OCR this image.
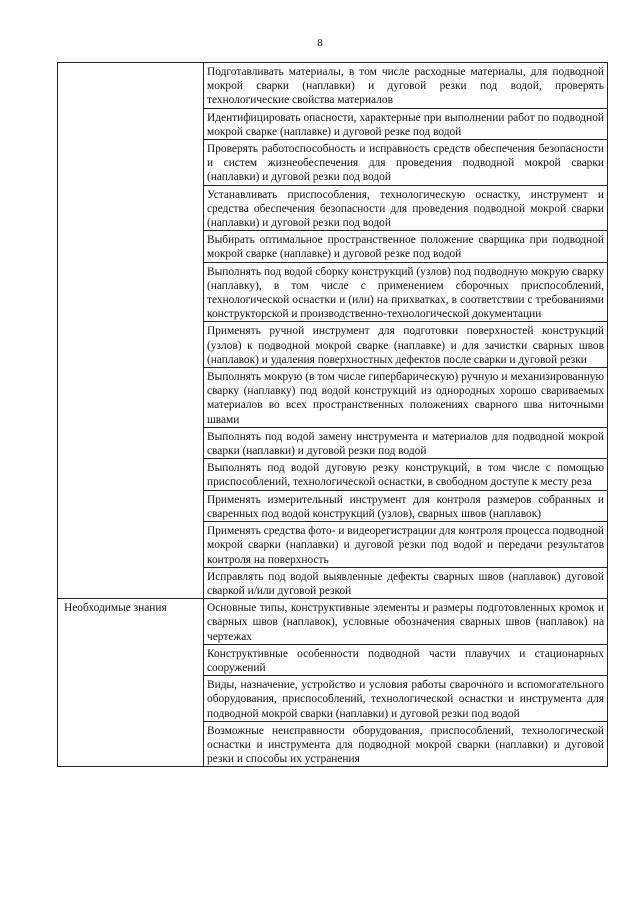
8
	Подготавливать материалы, в том числе расходные материалы, для подводной мокрой сварки (наплавки) и дуговой резки под водой, проверять технологические свойства материалов
	Идентифицировать опасности, характерные при выполнении работ по подводной мокрой сварке (наплавке) и дуговой резке под водой
	Проверять работоспособность и исправность средств обеспечения безопасности и систем жизнеобеспечения для проведения подводной мокрой сварки (наплавки) и дуговой резки под водой
	Устанавливать приспособления, технологическую оснастку, инструмент и средства обеспечения безопасности для проведения подводной мокрой сварки (наплавки) и дуговой резки под водой
	Выбирать оптимальное пространственное положение сварщика при подводной мокрой сварке (наплавке) и дуговой резке под водой
	Выполнять под водой сборку конструкций (узлов) под подводную мокрую сварку (наплавку), в том числе с применением сборочных приспособлений, технологической оснастки и (или) на прихватках, в соответствии с требованиями конструкторской и производственно-технологической документации
	Применять ручной инструмент для подготовки поверхностей конструкций (узлов) к подводной мокрой сварке (наплавке) и для зачистки сварных швов (наплавок) и удаления поверхностных дефектов после сварки и дуговой резки
	Выполнять мокрую (в том числе гипербарическую) ручную и механизированную сварку (наплавку) под водой конструкций из однородных хорошо свариваемых материалов во всех пространственных положениях сварного шва ниточными швами
	Выполнять под водой замену инструмента и материалов для подводной мокрой сварки (наплавки) и дуговой резки под водой
	Выполнять под водой дуговую резку конструкций, в том числе с помощью приспособлений, технологической оснастки, в свободном доступе к месту реза
	Применять измерительный инструмент для контроля размеров собранных и сваренных под водой конструкций (узлов), сварных швов (наплавок)
	Применять средства фото- и видеорегистрации для контроля процесса подводной мокрой сварки (наплавки) и дуговой резки под водой и передачи результатов контроля на поверхность
	Исправлять под водой выявленные дефекты сварных швов (наплавок) дуговой сваркой и/или дуговой резкой
Необходимые знания	Основные типы, конструктивные элементы и размеры подготовленных кромок и сварных швов (наплавок), условные обозначения сварных швов (наплавок) на чертежах
	Конструктивные особенности подводной части плавучих и стационарных сооружений
	Виды, назначение, устройство и условия работы сварочного и вспомогательного оборудования, приспособлений, технологической оснастки и инструмента для подводной мокрой сварки (наплавки) и дуговой резки под водой
	Возможные неисправности оборудования, приспособлений, технологической оснастки и инструмента для подводной мокрой сварки (наплавки) и дуговой резки и способы их устранения
